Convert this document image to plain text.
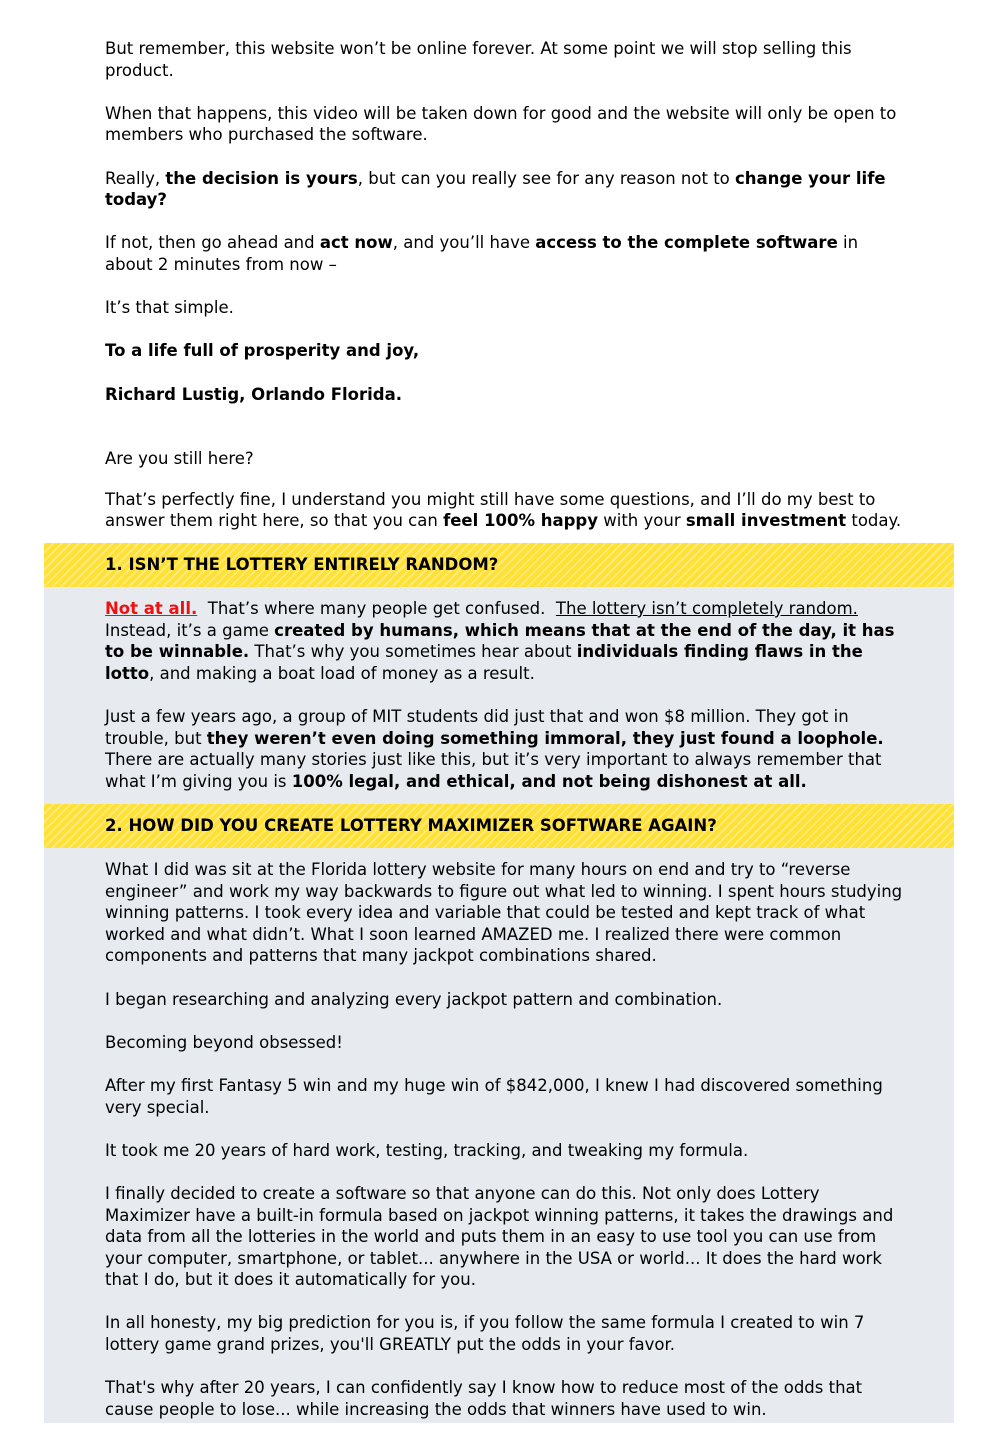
But remember, this website won’t be online forever. At some point we will stop selling this product.

When that happens, this video will be taken down for good and the website will only be open to members who purchased the software.

Really, the decision is yours, but can you really see for any reason not to change your life today?

If not, then go ahead and act now, and you’ll have access to the complete software in about 2 minutes from now –

It’s that simple.

To a life full of prosperity and joy,

Richard Lustig, Orlando Florida.

Are you still here?

That’s perfectly fine, I understand you might still have some questions, and I’ll do my best to answer them right here, so that you can feel 100% happy with your small investment today.

1. ISN’T THE LOTTERY ENTIRELY RANDOM?

Not at all.  That’s where many people get confused.  The lottery isn’t completely random. Instead, it’s a game created by humans, which means that at the end of the day, it has to be winnable. That’s why you sometimes hear about individuals finding flaws in the lotto, and making a boat load of money as a result.

Just a few years ago, a group of MIT students did just that and won $8 million. They got in trouble, but they weren’t even doing something immoral, they just found a loophole. There are actually many stories just like this, but it’s very important to always remember that what I’m giving you is 100% legal, and ethical, and not being dishonest at all.

2. HOW DID YOU CREATE LOTTERY MAXIMIZER SOFTWARE AGAIN?

What I did was sit at the Florida lottery website for many hours on end and try to “reverse engineer” and work my way backwards to figure out what led to winning. I spent hours studying winning patterns. I took every idea and variable that could be tested and kept track of what worked and what didn’t. What I soon learned AMAZED me. I realized there were common components and patterns that many jackpot combinations shared.

I began researching and analyzing every jackpot pattern and combination.

Becoming beyond obsessed!

After my first Fantasy 5 win and my huge win of $842,000, I knew I had discovered something very special.

It took me 20 years of hard work, testing, tracking, and tweaking my formula.

I finally decided to create a software so that anyone can do this. Not only does Lottery Maximizer have a built-in formula based on jackpot winning patterns, it takes the drawings and data from all the lotteries in the world and puts them in an easy to use tool you can use from your computer, smartphone, or tablet... anywhere in the USA or world... It does the hard work that I do, but it does it automatically for you.

In all honesty, my big prediction for you is, if you follow the same formula I created to win 7 lottery game grand prizes, you'll GREATLY put the odds in your favor.

That's why after 20 years, I can confidently say I know how to reduce most of the odds that cause people to lose... while increasing the odds that winners have used to win.
